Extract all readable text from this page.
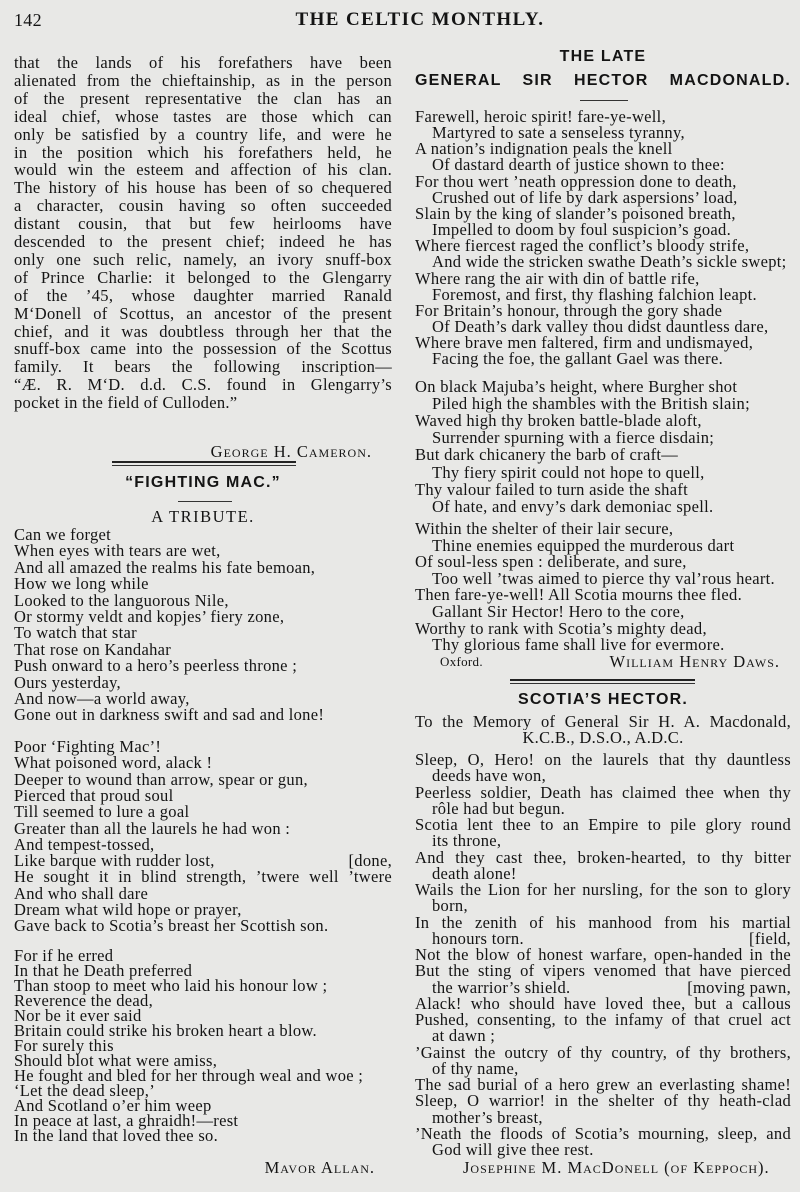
142	THE CELTIC MONTHLY.
that the lands of his forefathers have been
alienated from the chieftainship, as in the person
of the present representative the clan has an
ideal chief, whose tastes are those which can
only be satisfied by a country life, and were he
in the position which his forefathers held, he
would win the esteem and affection of his clan.
The history of his house has been of so chequered
a character, cousin having so often succeeded
distant cousin, that but few heirlooms have
descended to the present chief; indeed he has
only one such relic, namely, an ivory snuff-box
of Prince Charlie: it belonged to the Glengarry
of the ’45, whose daughter married Ranald
M‘Donell of Scottus, an ancestor of the present
chief, and it was doubtless through her that the
snuff-box came into the possession of the Scottus
family. It bears the following inscription—
“Æ. R. M‘D. d.d. C.S. found in Glengarry’s
pocket in the field of Culloden.”
George H. Cameron.
“FIGHTING MAC.”
A TRIBUTE.
Can we forget
When eyes with tears are wet,
And all amazed the realms his fate bemoan,
How we long while
Looked to the languorous Nile,
Or stormy veldt and kopjes’ fiery zone,
To watch that star
That rose on Kandahar
Push onward to a hero’s peerless throne ;
Ours yesterday,
And now—a world away,
Gone out in darkness swift and sad and lone!
Poor ‘Fighting Mac’!
What poisoned word, alack !
Deeper to wound than arrow, spear or gun,
Pierced that proud soul
Till seemed to lure a goal
Greater than all the laurels he had won :
And tempest-tossed,
Like barque with rudder lost,	[done,
He sought it in blind strength, ’twere well ’twere
And who shall dare
Dream what wild hope or prayer,
Gave back to Scotia’s breast her Scottish son.
For if he erred
In that he Death preferred
Than stoop to meet who laid his honour low ;
Reverence the dead,
Nor be it ever said
Britain could strike his broken heart a blow.
For surely this
Should blot what were amiss,
He fought and bled for her through weal and woe ;
‘Let the dead sleep,’
And Scotland o’er him weep
In peace at last, a ghraidh!—rest
In the land that loved thee so.
Mavor Allan.
THE LATE
GENERAL SIR HECTOR MACDONALD.
Farewell, heroic spirit! fare-ye-well,
Martyred to sate a senseless tyranny,
A nation’s indignation peals the knell
Of dastard dearth of justice shown to thee:
For thou wert ’neath oppression done to death,
Crushed out of life by dark aspersions’ load,
Slain by the king of slander’s poisoned breath,
Impelled to doom by foul suspicion’s goad.
Where fiercest raged the conflict’s bloody strife,
And wide the stricken swathe Death’s sickle swept;
Where rang the air with din of battle rife,
Foremost, and first, thy flashing falchion leapt.
For Britain’s honour, through the gory shade
Of Death’s dark valley thou didst dauntless dare,
Where brave men faltered, firm and undismayed,
Facing the foe, the gallant Gael was there.
On black Majuba’s height, where Burgher shot
Piled high the shambles with the British slain;
Waved high thy broken battle-blade aloft,
Surrender spurning with a fierce disdain;
But dark chicanery the barb of craft—
Thy fiery spirit could not hope to quell,
Thy valour failed to turn aside the shaft
Of hate, and envy’s dark demoniac spell.
Within the shelter of their lair secure,
Thine enemies equipped the murderous dart
Of soul-less spen : deliberate, and sure,
Too well ’twas aimed to pierce thy val’rous heart.
Then fare-ye-well! All Scotia mourns thee fled.
Gallant Sir Hector! Hero to the core,
Worthy to rank with Scotia’s mighty dead,
Thy glorious fame shall live for evermore.
Oxford.	William Henry Daws.
SCOTIA’S HECTOR.
To the Memory of General Sir H. A. Macdonald,
K.C.B., D.S.O., A.D.C.
Sleep, O, Hero! on the laurels that thy dauntless
deeds have won,
Peerless soldier, Death has claimed thee when thy
rôle had but begun.
Scotia lent thee to an Empire to pile glory round
its throne,
And they cast thee, broken-hearted, to thy bitter
death alone!
Wails the Lion for her nursling, for the son to glory
born,
In the zenith of his manhood from his martial
honours torn.	[field,
Not the blow of honest warfare, open-handed in the
But the sting of vipers venomed that have pierced
the warrior’s shield.	[moving pawn,
Alack! who should have loved thee, but a callous
Pushed, consenting, to the infamy of that cruel act
at dawn ;
’Gainst the outcry of thy country, of thy brothers,
of thy name,
The sad burial of a hero grew an everlasting shame!
Sleep, O warrior! in the shelter of thy heath-clad
mother’s breast,
’Neath the floods of Scotia’s mourning, sleep, and
God will give thee rest.
Josephine M. MacDonell (of Keppoch).
